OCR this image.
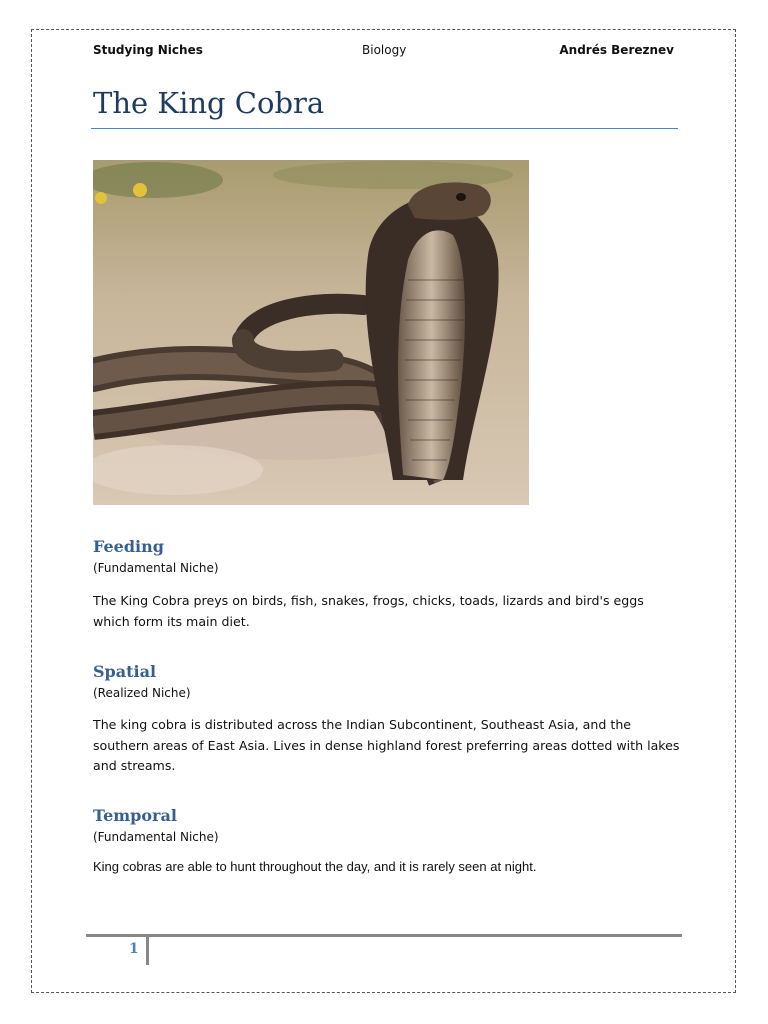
Studying Niches	Biology	Andrés Bereznev
The King Cobra
Feeding
(Fundamental Niche)

The King Cobra preys on birds, fish, snakes, frogs, chicks, toads, lizards and bird's eggs which form its main diet.

Spatial
(Realized Niche)

The king cobra is distributed across the Indian Subcontinent, Southeast Asia, and the southern areas of East Asia. Lives in dense highland forest preferring areas dotted with lakes and streams.

Temporal
(Fundamental Niche)

King cobras are able to hunt throughout the day, and it is rarely seen at night.

1
